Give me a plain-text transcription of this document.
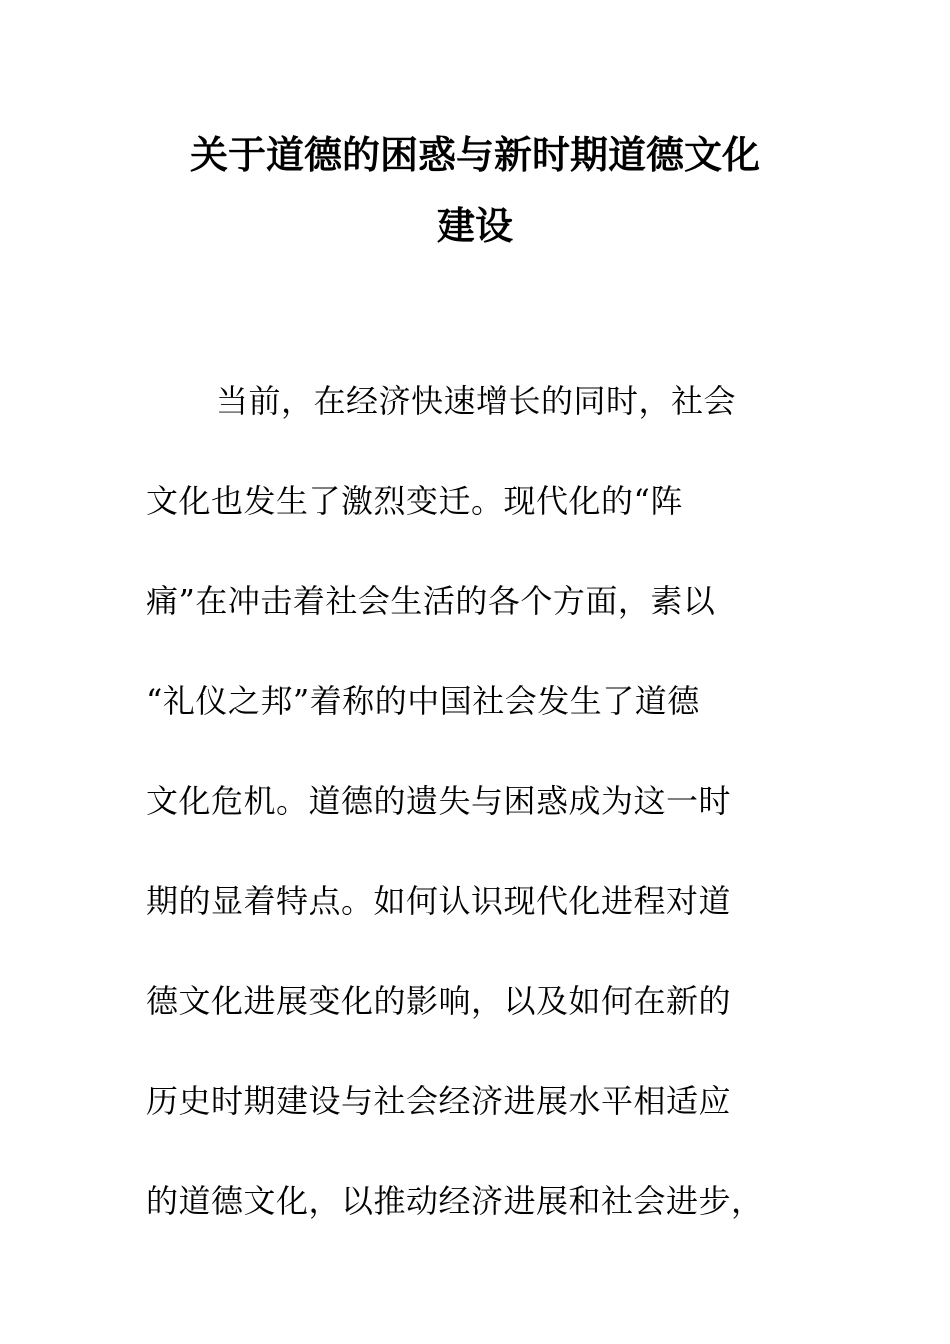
关于道德的困惑与新时期道德文化
建设

当前，在经济快速增长的同时，社会

文化也发生了激烈变迁。现代化的“阵

痛”在冲击着社会生活的各个方面，素以

“礼仪之邦”着称的中国社会发生了道德

文化危机。道德的遗失与困惑成为这一时

期的显着特点。如何认识现代化进程对道

德文化进展变化的影响，以及如何在新的

历史时期建设与社会经济进展水平相适应

的道德文化，以推动经济进展和社会进步，
